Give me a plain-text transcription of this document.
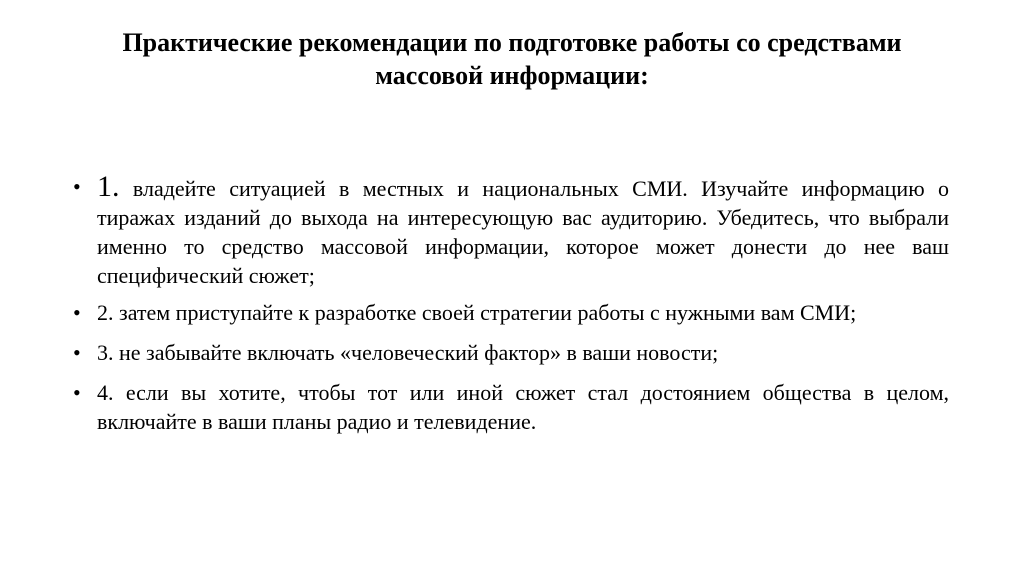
Практические рекомендации по подготовке работы со средствами массовой информации:
• 1. владейте ситуацией в местных и национальных СМИ. Изучайте информацию о тиражах изданий до выхода на интересующую вас аудиторию. Убедитесь, что выбрали именно то средство массовой информации, которое может донести до нее ваш специфический сюжет;
• 2. затем приступайте к разработке своей стратегии работы с нужными вам СМИ;
• 3. не забывайте включать «человеческий фактор» в ваши новости;
• 4. если вы хотите, чтобы тот или иной сюжет стал достоянием общества в целом, включайте в ваши планы радио и телевидение.
